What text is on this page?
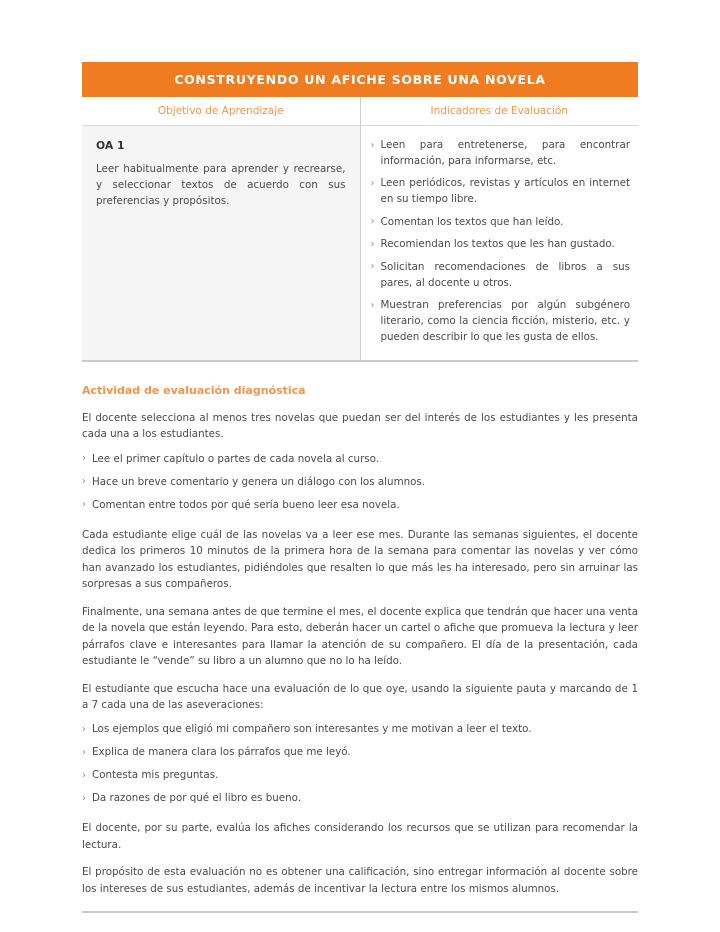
CONSTRUYENDO UN AFICHE SOBRE UNA NOVELA	

Objetivo de Aprendizaje	Indicadores de Evaluación

OA 1

Leer habitualmente para aprender y recrearse, y seleccionar textos de acuerdo con sus preferencias y propósitos.

› Leen para entretenerse, para encontrar información, para informarse, etc.
› Leen periódicos, revistas y artículos en internet en su tiempo libre.
› Comentan los textos que han leído.
› Recomiendan los textos que les han gustado.
› Solicitan recomendaciones de libros a sus pares, al docente u otros.
› Muestran preferencias por algún subgénero literario, como la ciencia ficción, misterio, etc. y pueden describir lo que les gusta de ellos.
Actividad de evaluación diagnóstica

El docente selecciona al menos tres novelas que puedan ser del interés de los estudiantes y les presenta cada una a los estudiantes.

› Lee el primer capítulo o partes de cada novela al curso.
› Hace un breve comentario y genera un diálogo con los alumnos.
› Comentan entre todos por qué sería bueno leer esa novela.

Cada estudiante elige cuál de las novelas va a leer ese mes. Durante las semanas siguientes, el docente dedica los primeros 10 minutos de la primera hora de la semana para comentar las novelas y ver cómo han avanzado los estudiantes, pidiéndoles que resalten lo que más les ha interesado, pero sin arruinar las sorpresas a sus compañeros.

Finalmente, una semana antes de que termine el mes, el docente explica que tendrán que hacer una venta de la novela que están leyendo. Para esto, deberán hacer un cartel o afiche que promueva la lectura y leer párrafos clave e interesantes para llamar la atención de su compañero. El día de la presentación, cada estudiante le “vende” su libro a un alumno que no lo ha leído.

El estudiante que escucha hace una evaluación de lo que oye, usando la siguiente pauta y marcando de 1 a 7 cada una de las aseveraciones:

› Los ejemplos que eligió mi compañero son interesantes y me motivan a leer el texto.
› Explica de manera clara los párrafos que me leyó.
› Contesta mis preguntas.
› Da razones de por qué el libro es bueno.

El docente, por su parte, evalúa los afiches considerando los recursos que se utilizan para recomendar la lectura.

El propósito de esta evaluación no es obtener una calificación, sino entregar información al docente sobre los intereses de sus estudiantes, además de incentivar la lectura entre los mismos alumnos.
